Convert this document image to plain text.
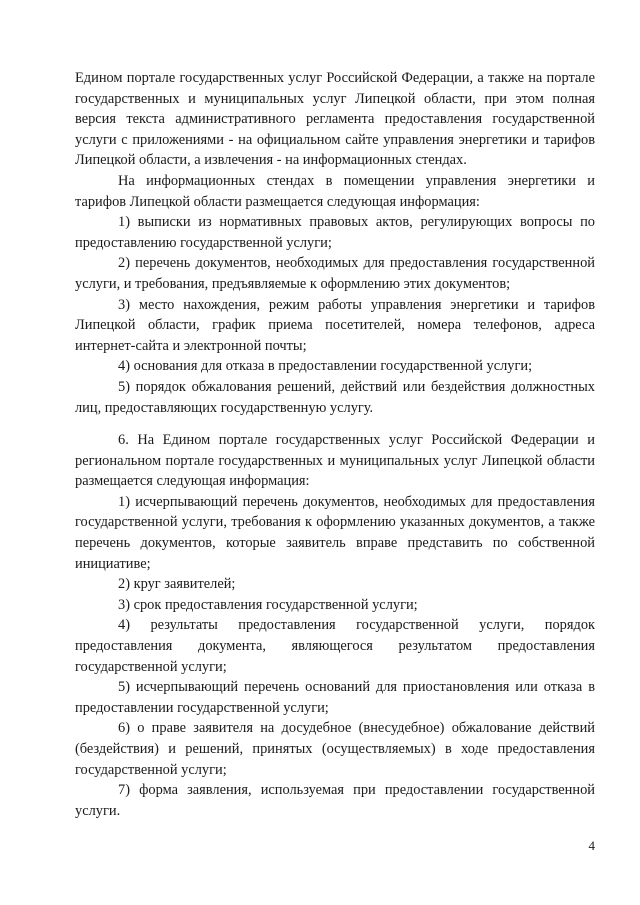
Едином портале государственных услуг Российской Федерации, а также на портале государственных и муниципальных услуг Липецкой области, при этом полная версия текста административного регламента предоставления государственной услуги с приложениями - на официальном сайте управления энергетики и тарифов Липецкой области, а извлечения - на информационных стендах.

На информационных стендах в помещении управления энергетики и тарифов Липецкой области размещается следующая информация:

1) выписки из нормативных правовых актов, регулирующих вопросы по предоставлению государственной услуги;

2) перечень документов, необходимых для предоставления государственной услуги, и требования, предъявляемые к оформлению этих документов;

3) место нахождения, режим работы управления энергетики и тарифов Липецкой области, график приема посетителей, номера телефонов, адреса интернет-сайта и электронной почты;

4) основания для отказа в предоставлении государственной услуги;

5) порядок обжалования решений, действий или бездействия должностных лиц, предоставляющих государственную услугу.

6. На Едином портале государственных услуг Российской Федерации и региональном портале государственных и муниципальных услуг Липецкой области размещается следующая информация:

1) исчерпывающий перечень документов, необходимых для предоставления государственной услуги, требования к оформлению указанных документов, а также перечень документов, которые заявитель вправе представить по собственной инициативе;

2) круг заявителей;

3) срок предоставления государственной услуги;

4) результаты предоставления государственной услуги, порядок предоставления документа, являющегося результатом предоставления государственной услуги;

5) исчерпывающий перечень оснований для приостановления или отказа в предоставлении государственной услуги;

6) о праве заявителя на досудебное (внесудебное) обжалование действий (бездействия) и решений, принятых (осуществляемых) в ходе предоставления государственной услуги;

7) форма заявления, используемая при предоставлении государственной услуги.

4
